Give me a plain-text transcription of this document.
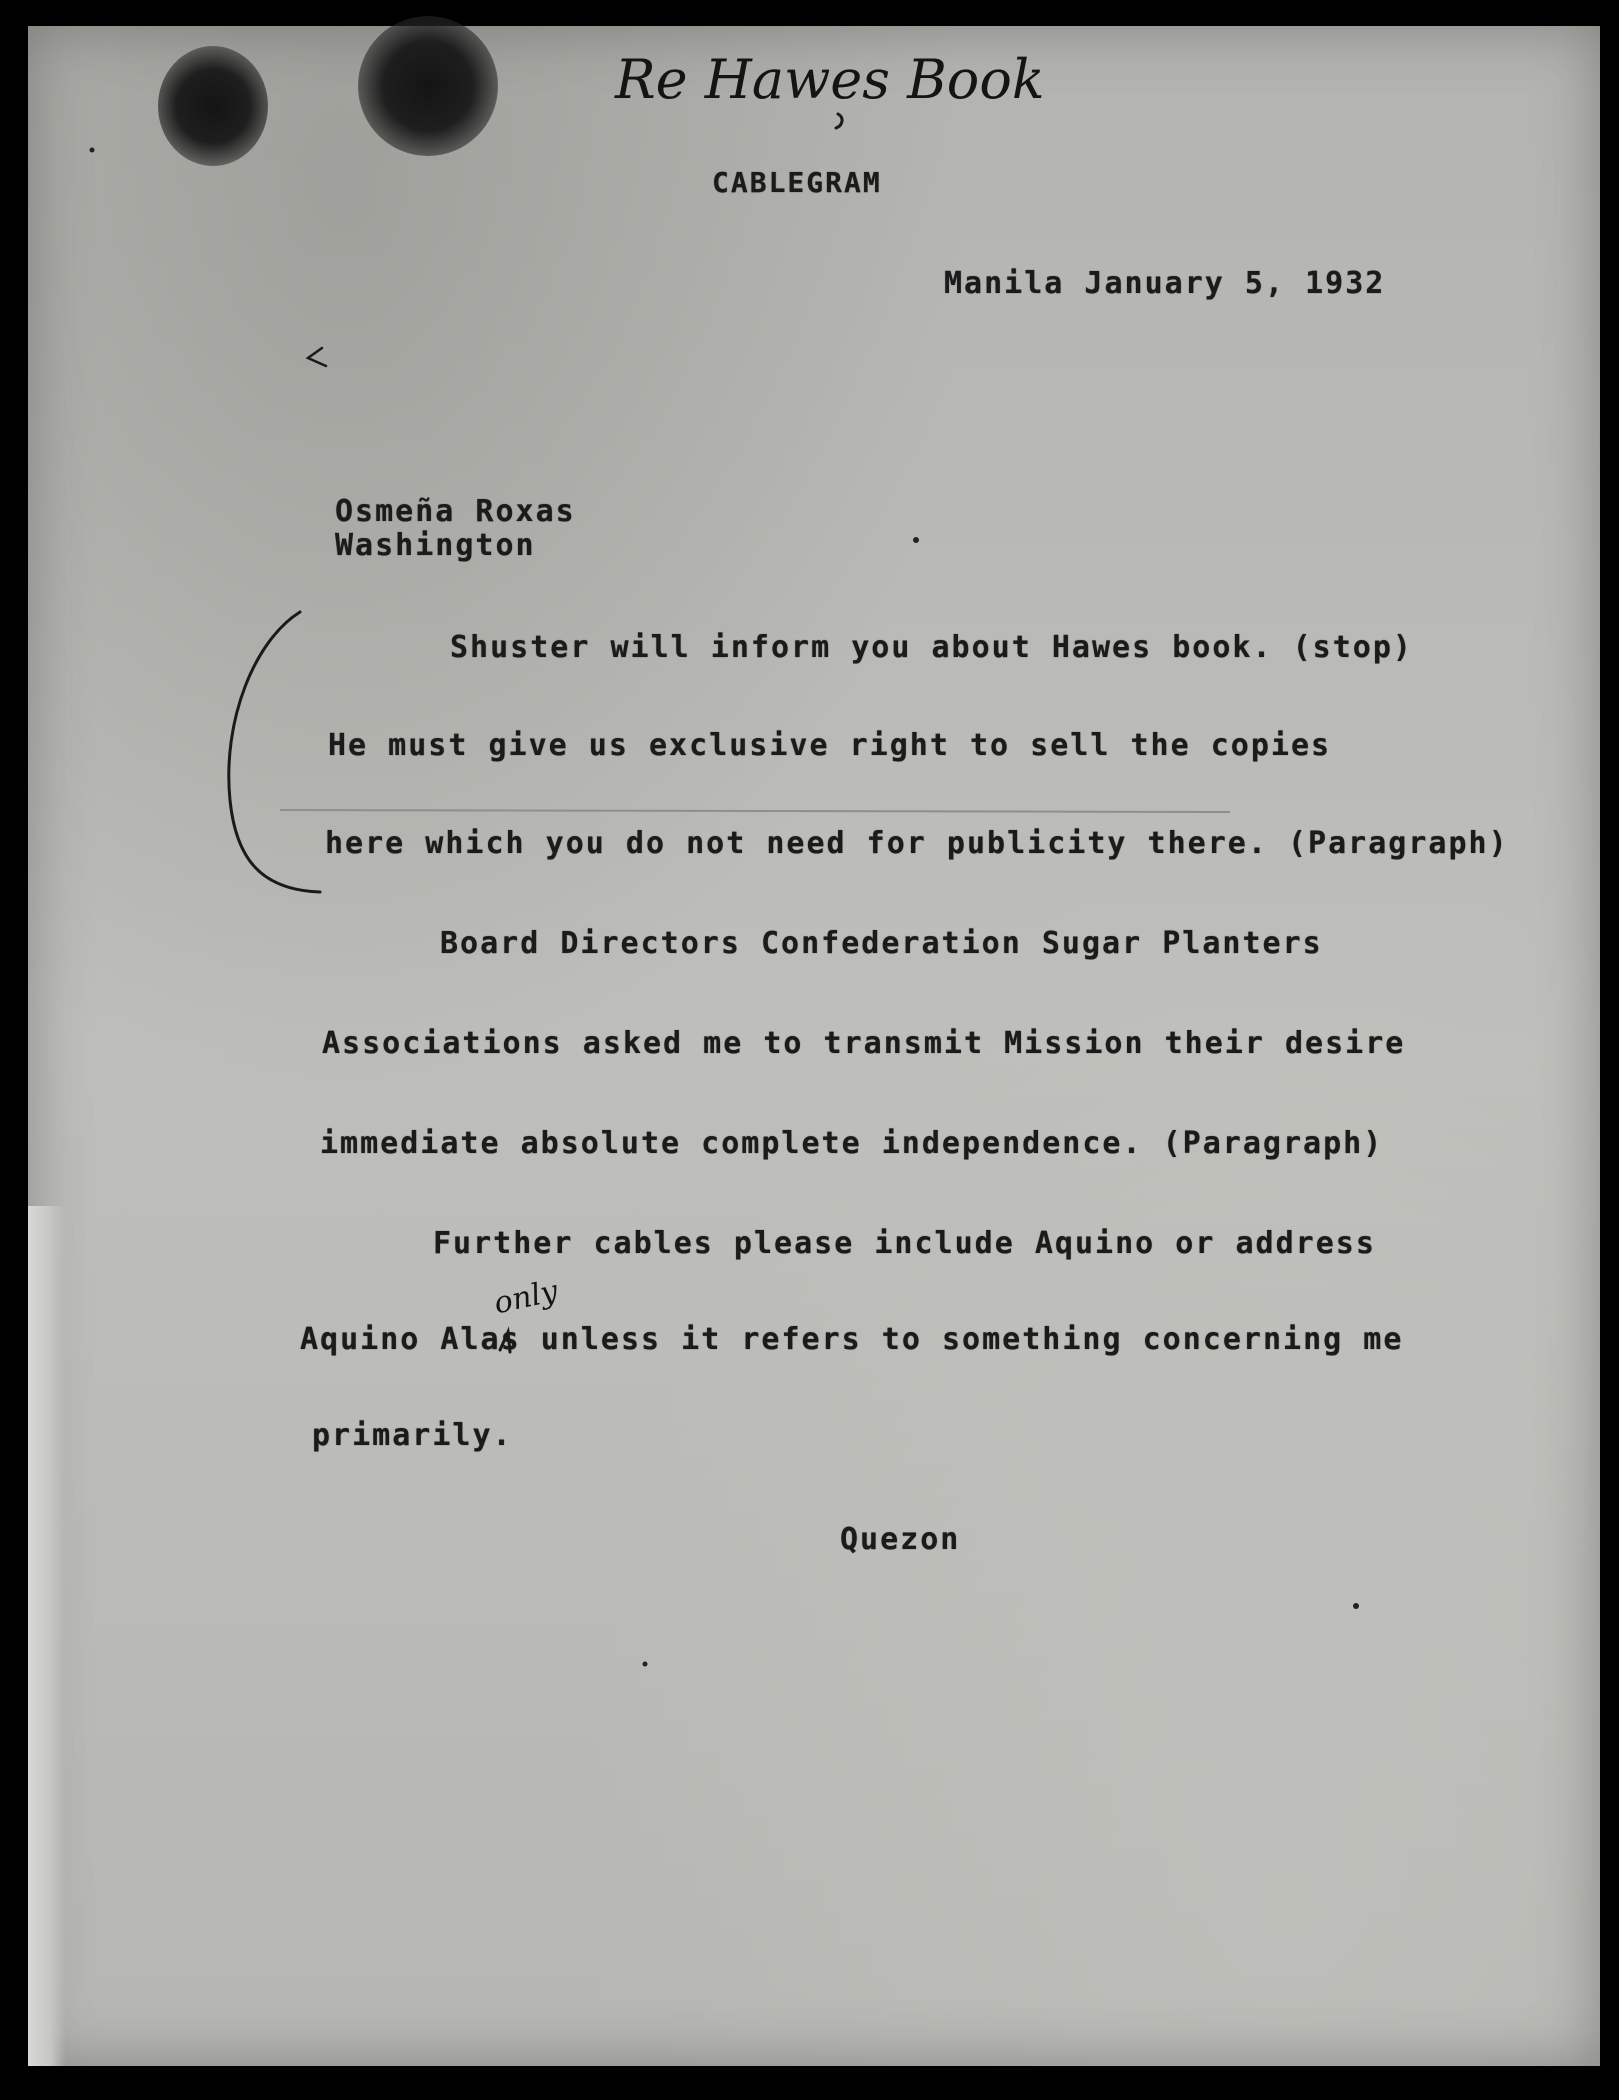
Re Hawes Book

CABLEGRAM

Manila January 5, 1932

Osmeña Roxas

Washington

Shuster will inform you about Hawes book. (stop)

He must give us exclusive right to sell the copies

here which you do not need for publicity there. (Paragraph)

Board Directors Confederation Sugar Planters

Associations asked me to transmit Mission their desire

immediate absolute complete independence. (Paragraph)

Further cables please include Aquino or address

Aquino Alas unless it refers to something concerning me

primarily.

only

Quezon
